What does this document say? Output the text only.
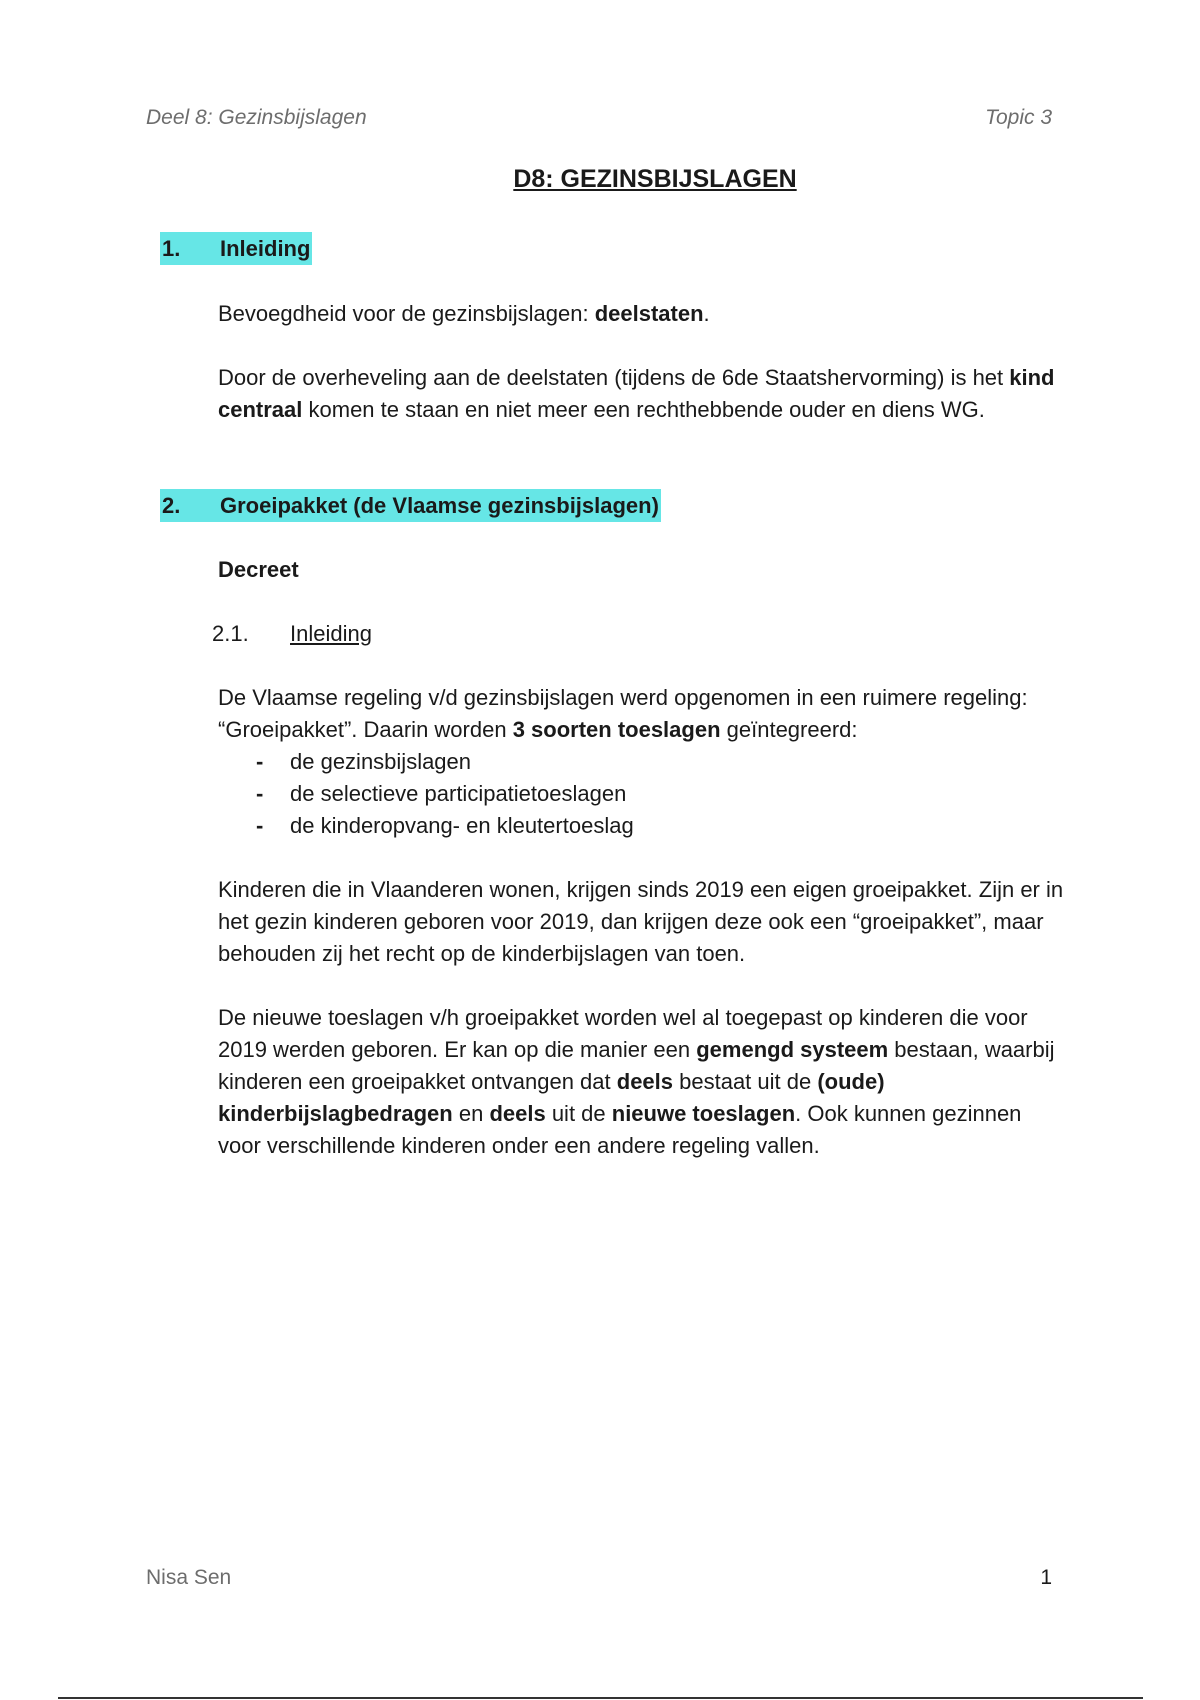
Deel 8: Gezinsbijslagen	Topic 3
D8: GEZINSBIJSLAGEN
1.	Inleiding
Bevoegdheid voor de gezinsbijslagen: deelstaten.
Door de overheveling aan de deelstaten (tijdens de 6de Staatshervorming) is het kind centraal komen te staan en niet meer een rechthebbende ouder en diens WG.
2.	Groeipakket (de Vlaamse gezinsbijslagen)
Decreet
2.1.	Inleiding
De Vlaamse regeling v/d gezinsbijslagen werd opgenomen in een ruimere regeling: “Groeipakket”. Daarin worden 3 soorten toeslagen geïntegreerd:
- de gezinsbijslagen
- de selectieve participatietoeslagen
- de kinderopvang- en kleutertoeslag
Kinderen die in Vlaanderen wonen, krijgen sinds 2019 een eigen groeipakket. Zijn er in het gezin kinderen geboren voor 2019, dan krijgen deze ook een “groeipakket”, maar behouden zij het recht op de kinderbijslagen van toen.
De nieuwe toeslagen v/h groeipakket worden wel al toegepast op kinderen die voor 2019 werden geboren. Er kan op die manier een gemengd systeem bestaan, waarbij kinderen een groeipakket ontvangen dat deels bestaat uit de (oude) kinderbijslagbedragen en deels uit de nieuwe toeslagen. Ook kunnen gezinnen voor verschillende kinderen onder een andere regeling vallen.
Nisa Sen	1
